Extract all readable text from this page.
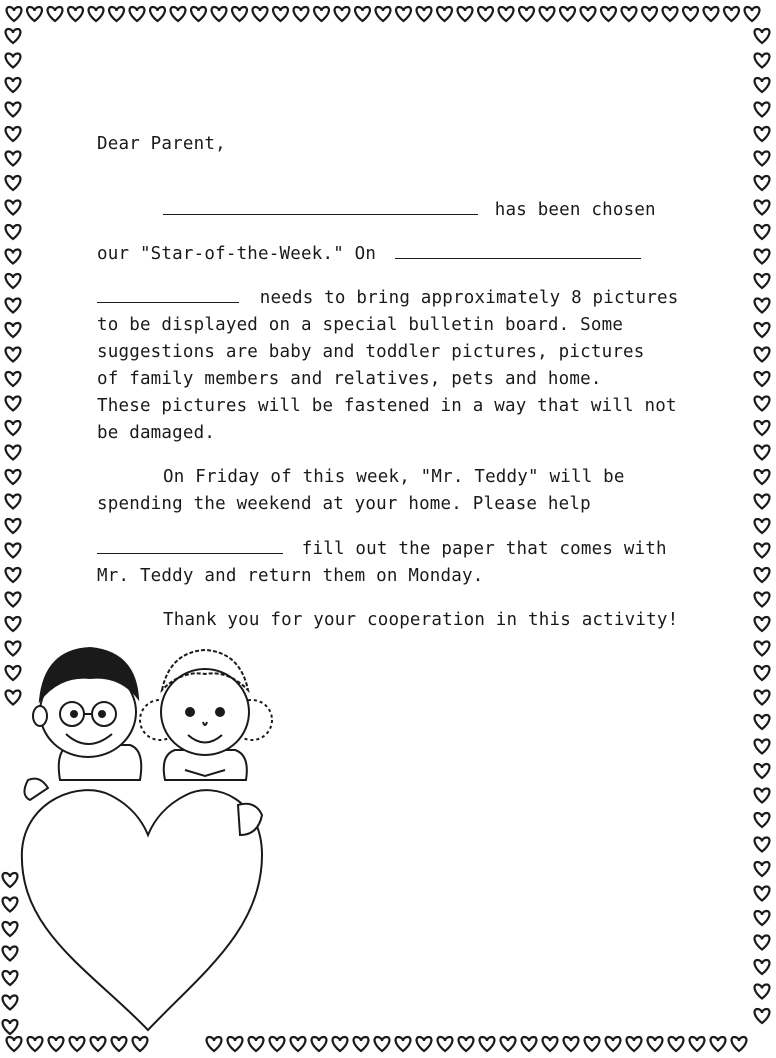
Dear Parent,
has been chosen
our "Star-of-the-Week." On
needs to bring approximately 8 pictures
to be displayed on a special bulletin board. Some
suggestions are baby and toddler pictures, pictures
of family members and relatives, pets and home.
These pictures will be fastened in a way that will not
be damaged.
On Friday of this week, "Mr. Teddy" will be
spending the weekend at your home. Please help
fill out the paper that comes with
Mr. Teddy and return them on Monday.
Thank you for your cooperation in this activity!
